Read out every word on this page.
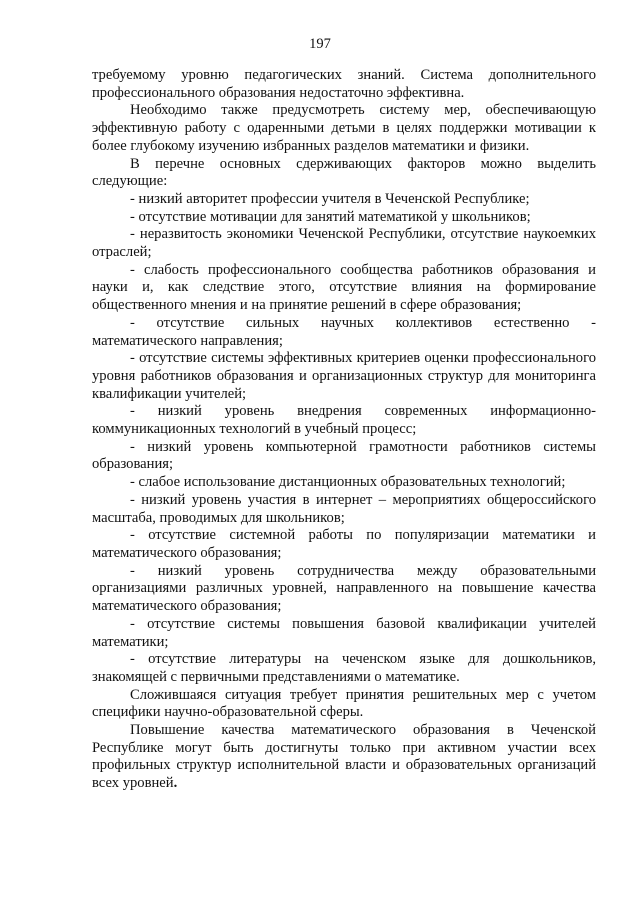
197

требуемому уровню педагогических знаний. Система дополнительного профессионального образования недостаточно эффективна.

Необходимо также предусмотреть систему мер, обеспечивающую эффективную работу с одаренными детьми в целях поддержки мотивации к более глубокому изучению избранных разделов математики и физики.

В перечне основных сдерживающих факторов можно выделить следующие:

- низкий авторитет профессии учителя в Чеченской Республике;

- отсутствие мотивации для занятий математикой у школьников;

- неразвитость экономики Чеченской Республики, отсутствие наукоемких отраслей;

- слабость профессионального сообщества работников образования и науки и, как следствие этого, отсутствие влияния на формирование общественного мнения и на принятие решений в сфере образования;

- отсутствие сильных научных коллективов естественно - математического направления;

- отсутствие системы эффективных критериев оценки профессионального уровня работников образования и организационных структур для мониторинга квалификации учителей;

- низкий уровень внедрения современных информационно-коммуникационных технологий в учебный процесс;

- низкий уровень компьютерной грамотности работников системы образования;

- слабое использование дистанционных образовательных технологий;

- низкий уровень участия в интернет – мероприятиях общероссийского масштаба, проводимых для школьников;

- отсутствие системной работы по популяризации математики и математического образования;

- низкий уровень сотрудничества между образовательными организациями различных уровней, направленного на повышение качества математического образования;

- отсутствие системы повышения базовой квалификации учителей математики;

- отсутствие литературы на чеченском языке для дошкольников, знакомящей с первичными представлениями о математике.

Сложившаяся ситуация требует принятия решительных мер с учетом специфики научно-образовательной сферы.

Повышение качества математического образования в Чеченской Республике могут быть достигнуты только при активном участии всех профильных структур исполнительной власти и образовательных организаций всех уровней.
